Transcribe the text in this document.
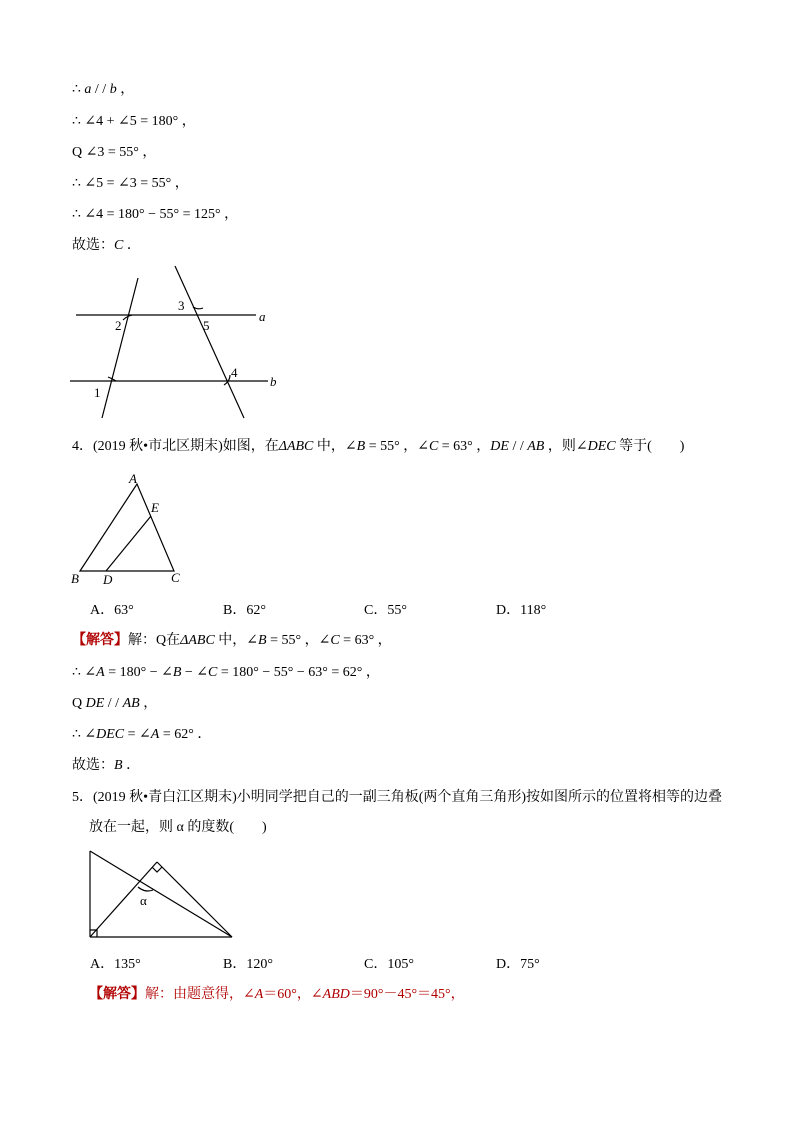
∴ a / / b ，
∴ ∠4 + ∠5 = 180° ，
Q ∠3 = 55° ，
∴ ∠5 = ∠3 = 55° ，
∴ ∠4 = 180° − 55° = 125° ，
故选：C ．
2
3
5
a
4
b
1
4．(2019 秋•市北区期末)如图，在ΔABC 中，∠B = 55° ，∠C = 63° ，DE / / AB ，则∠DEC 等于(　　)
A
E
B D	C
A．63°	B．62°	C．55°	D．118°
【解答】解：Q在ΔABC 中，∠B = 55° ，∠C = 63° ，
∴ ∠A = 180° − ∠B − ∠C = 180° − 55° − 63° = 62° ，
Q DE / / AB ，
∴ ∠DEC = ∠A = 62° ．
故选：B ．
5．(2019 秋•青白江区期末)小明同学把自己的一副三角板(两个直角三角形)按如图所示的位置将相等的边叠
放在一起，则 α 的度数(　　)
α
A．135°	B．120°	C．105°	D．75°
【解答】解：由题意得，∠A＝60°，∠ABD＝90°－45°＝45°，
